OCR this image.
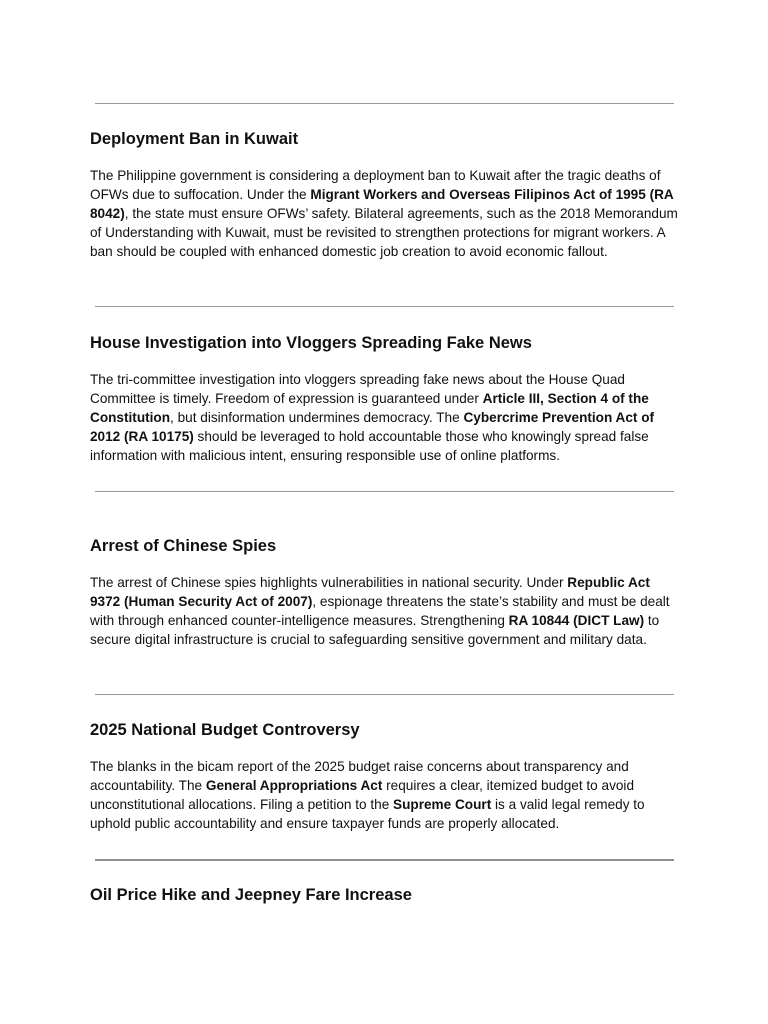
Deployment Ban in Kuwait

The Philippine government is considering a deployment ban to Kuwait after the tragic deaths of OFWs due to suffocation. Under the Migrant Workers and Overseas Filipinos Act of 1995 (RA 8042), the state must ensure OFWs’ safety. Bilateral agreements, such as the 2018 Memorandum of Understanding with Kuwait, must be revisited to strengthen protections for migrant workers. A ban should be coupled with enhanced domestic job creation to avoid economic fallout.

House Investigation into Vloggers Spreading Fake News

The tri-committee investigation into vloggers spreading fake news about the House Quad Committee is timely. Freedom of expression is guaranteed under Article III, Section 4 of the Constitution, but disinformation undermines democracy. The Cybercrime Prevention Act of 2012 (RA 10175) should be leveraged to hold accountable those who knowingly spread false information with malicious intent, ensuring responsible use of online platforms.

Arrest of Chinese Spies

The arrest of Chinese spies highlights vulnerabilities in national security. Under Republic Act 9372 (Human Security Act of 2007), espionage threatens the state’s stability and must be dealt with through enhanced counter-intelligence measures. Strengthening RA 10844 (DICT Law) to secure digital infrastructure is crucial to safeguarding sensitive government and military data.

2025 National Budget Controversy

The blanks in the bicam report of the 2025 budget raise concerns about transparency and accountability. The General Appropriations Act requires a clear, itemized budget to avoid unconstitutional allocations. Filing a petition to the Supreme Court is a valid legal remedy to uphold public accountability and ensure taxpayer funds are properly allocated.

Oil Price Hike and Jeepney Fare Increase
